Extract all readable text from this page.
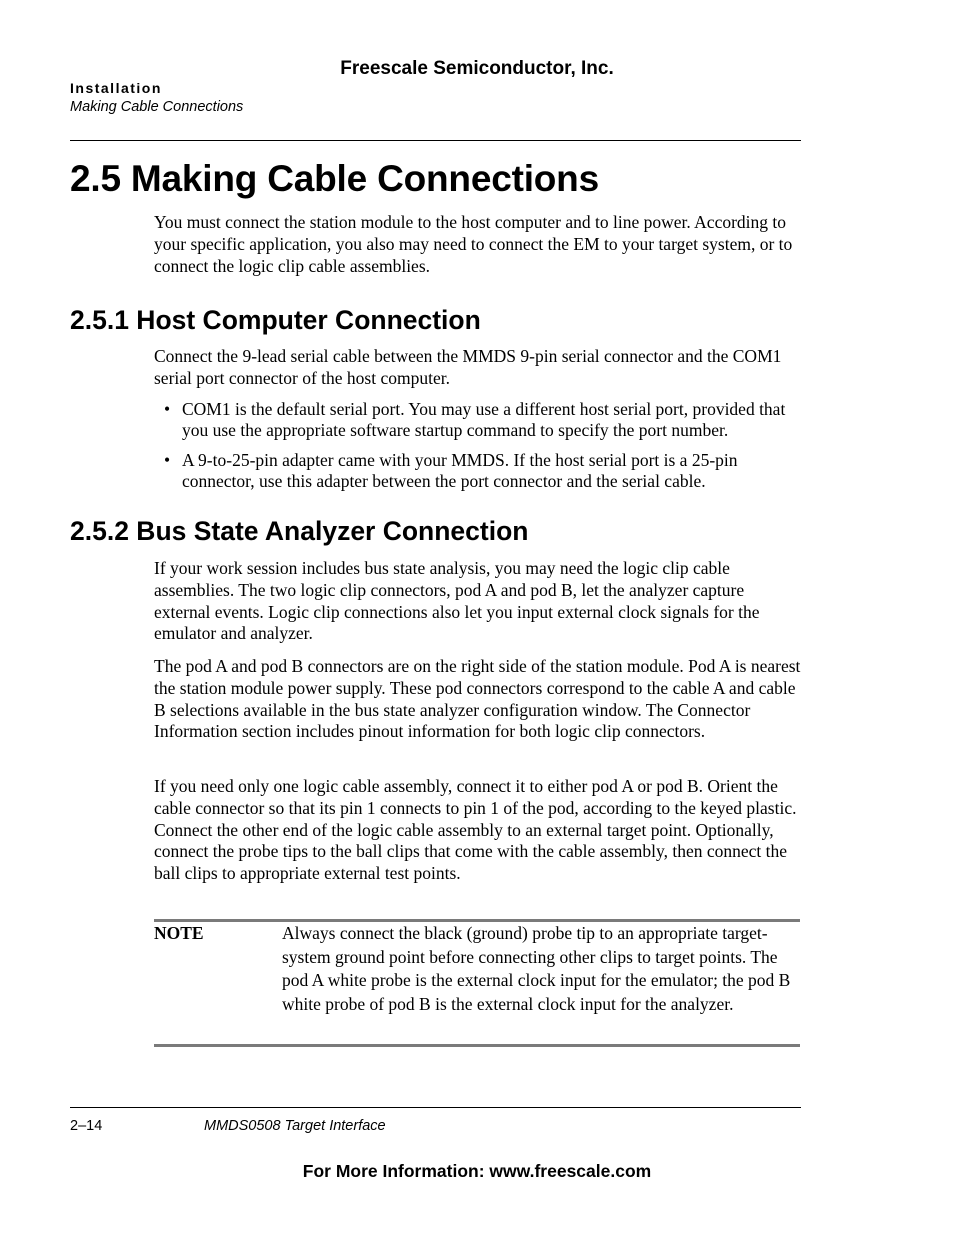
Freescale Semiconductor, Inc.
Installation
Making Cable Connections
2.5 Making Cable Connections
You must connect the station module to the host computer and to line power. According to your specific application, you also may need to connect the EM to your target system, or to connect the logic clip cable assemblies.
2.5.1 Host Computer Connection
Connect the 9-lead serial cable between the MMDS 9-pin serial connector and the COM1 serial port connector of the host computer.
• COM1 is the default serial port. You may use a different host serial port, provided that you use the appropriate software startup command to specify the port number.
• A 9-to-25-pin adapter came with your MMDS. If the host serial port is a 25-pin connector, use this adapter between the port connector and the serial cable.
2.5.2 Bus State Analyzer Connection
If your work session includes bus state analysis, you may need the logic clip cable assemblies. The two logic clip connectors, pod A and pod B, let the analyzer capture external events. Logic clip connections also let you input external clock signals for the emulator and analyzer.
The pod A and pod B connectors are on the right side of the station module. Pod A is nearest the station module power supply. These pod connectors correspond to the cable A and cable B selections available in the bus state analyzer configuration window. The Connector Information section includes pinout information for both logic clip connectors.
If you need only one logic cable assembly, connect it to either pod A or pod B. Orient the cable connector so that its pin 1 connects to pin 1 of the pod, according to the keyed plastic. Connect the other end of the logic cable assembly to an external target point. Optionally, connect the probe tips to the ball clips that come with the cable assembly, then connect the ball clips to appropriate external test points.
NOTE	Always connect the black (ground) probe tip to an appropriate target-system ground point before connecting other clips to target points. The pod A white probe is the external clock input for the emulator; the pod B white probe of pod B is the external clock input for the analyzer.
2–14	MMDS0508 Target Interface
For More Information: www.freescale.com
